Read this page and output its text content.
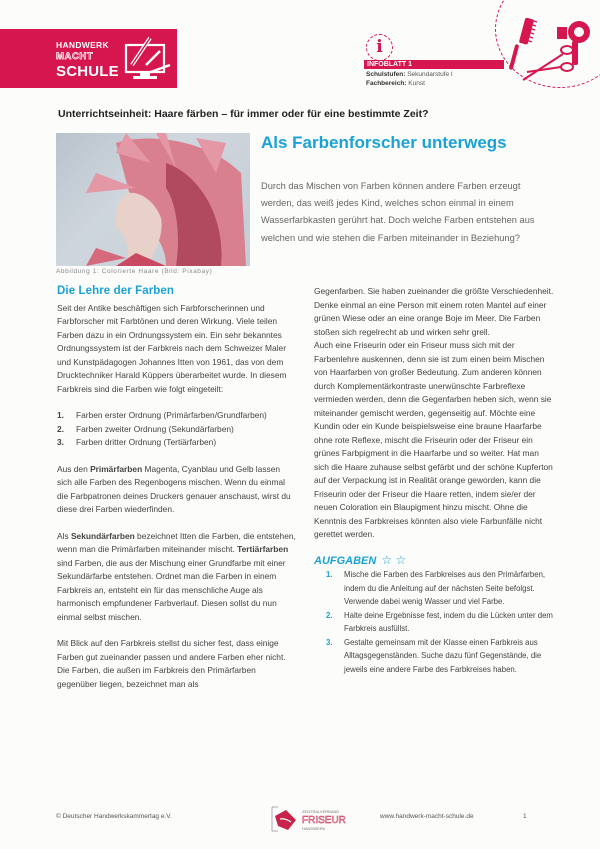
HANDWERK
MACHT
SCHULE
i
INFOBLATT 1
Schulstufen: Sekundarstufe I
Fachbereich: Kunst
Unterrichtseinheit: Haare färben – für immer oder für eine bestimmte Zeit?
Abbildung 1: Colorierte Haare (Bild: Pixabay)
Als Farbenforscher unterwegs
Durch das Mischen von Farben können andere Farben erzeugt werden, das weiß jedes Kind, welches schon einmal in einem Wasserfarbkasten gerührt hat. Doch welche Farben entstehen aus welchen und wie stehen die Farben miteinander in Beziehung?
Die Lehre der Farben

Seit der Antike beschäftigen sich Farbforscherinnen und Farbforscher mit Farbtönen und deren Wirkung. Viele teilen Farben dazu in ein Ordnungssystem ein. Ein sehr bekanntes Ordnungssystem ist der Farbkreis nach dem Schweizer Maler und Kunstpädagogen Johannes Itten von 1961, das von dem Drucktechniker Harald Küppers überarbeitet wurde. In diesem Farbkreis sind die Farben wie folgt eingeteilt:

1. Farben erster Ordnung (Primärfarben/Grundfarben)
2. Farben zweiter Ordnung (Sekundärfarben)
3. Farben dritter Ordnung (Tertiärfarben)

Aus den Primärfarben Magenta, Cyanblau und Gelb lassen sich alle Farben des Regenbogens mischen. Wenn du einmal die Farbpatronen deines Druckers genauer anschaust, wirst du diese drei Farben wiederfinden.

Als Sekundärfarben bezeichnet Itten die Farben, die entstehen, wenn man die Primärfarben miteinander mischt. Tertiärfarben sind Farben, die aus der Mischung einer Grundfarbe mit einer Sekundärfarbe entstehen. Ordnet man die Farben in einem Farbkreis an, entsteht ein für das menschliche Auge als harmonisch empfundener Farbverlauf. Diesen sollst du nun einmal selbst mischen.

Mit Blick auf den Farbkreis stellst du sicher fest, dass einige Farben gut zueinander passen und andere Farben eher nicht.

Die Farben, die außen im Farbkreis den Primärfarben gegenüber liegen, bezeichnet man als

Gegenfarben. Sie haben zueinander die größte Verschiedenheit. Denke einmal an eine Person mit einem roten Mantel auf einer grünen Wiese oder an eine orange Boje im Meer. Die Farben stoßen sich regelrecht ab und wirken sehr grell.

Auch eine Friseurin oder ein Friseur muss sich mit der Farbenlehre auskennen, denn sie ist zum einen beim Mischen von Haarfarben von großer Bedeutung. Zum anderen können durch Komplementärkontraste unerwünschte Farbreflexe vermieden werden, denn die Gegenfarben heben sich, wenn sie miteinander gemischt werden, gegenseitig auf. Möchte eine Kundin oder ein Kunde beispielsweise eine braune Haarfarbe ohne rote Reflexe, mischt die Friseurin oder der Friseur ein grünes Farbpigment in die Haarfarbe und so weiter. Hat man sich die Haare zuhause selbst gefärbt und der schöne Kupferton auf der Verpackung ist in Realität orange geworden, kann die Friseurin oder der Friseur die Haare retten, indem sie/er der neuen Coloration ein Blaupigment hinzu mischt. Ohne die Kenntnis des Farbkreises könnten also viele Farbunfälle nicht gerettet werden.

AUFGABEN ☆ ☆
1. Mische die Farben des Farbkreises aus den Primärfarben, indem du die Anleitung auf der nächsten Seite befolgst. Verwende dabei wenig Wasser und viel Farbe.
2. Halte deine Ergebnisse fest, indem du die Lücken unter dem Farbkreis ausfüllst.
3. Gestalte gemeinsam mit der Klasse einen Farbkreis aus Alltagsgegenständen. Suche dazu fünf Gegenstände, die jeweils eine andere Farbe des Farbkreises haben.
© Deutscher Handwerkskammertag e.V.
ZENTRALVERBAND
FRISEUR
HANDWERK
www.handwerk-macht-schule.de	1
